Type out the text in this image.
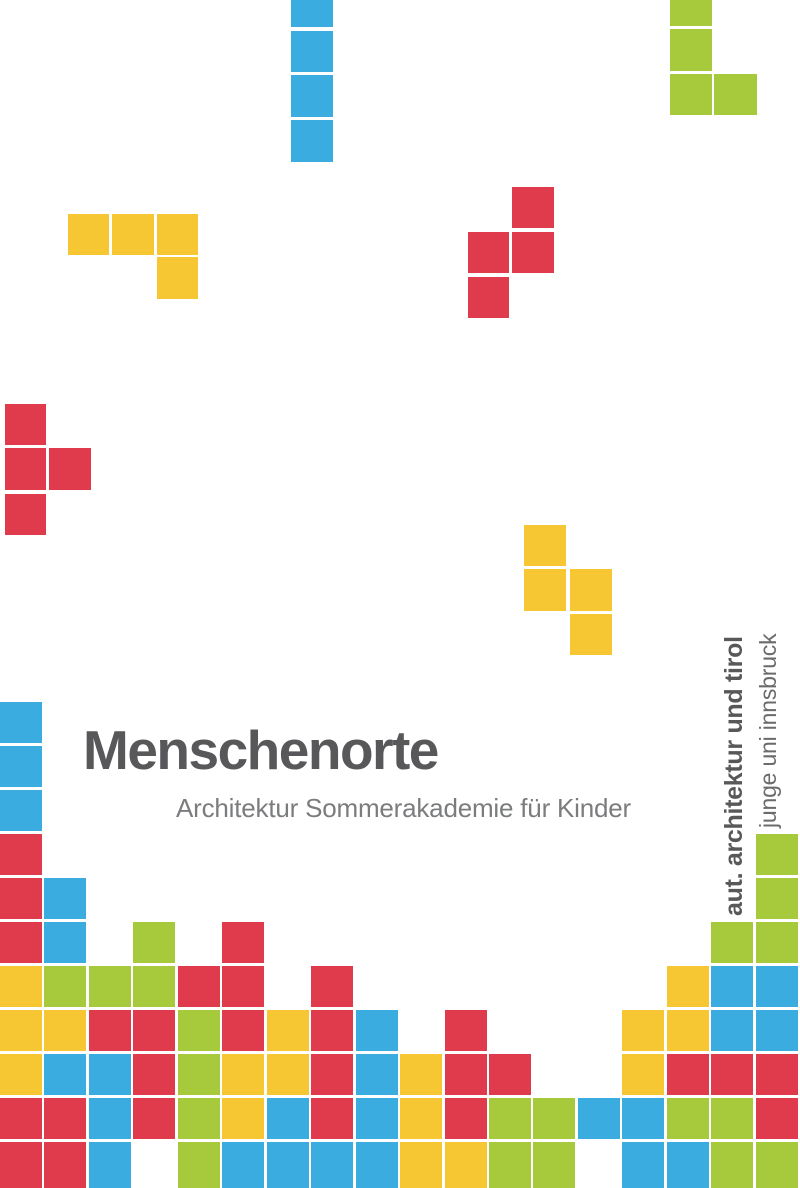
Menschenorte
Architektur Sommerakademie für Kinder	aut. architektur und tirol junge uni innsbruck
